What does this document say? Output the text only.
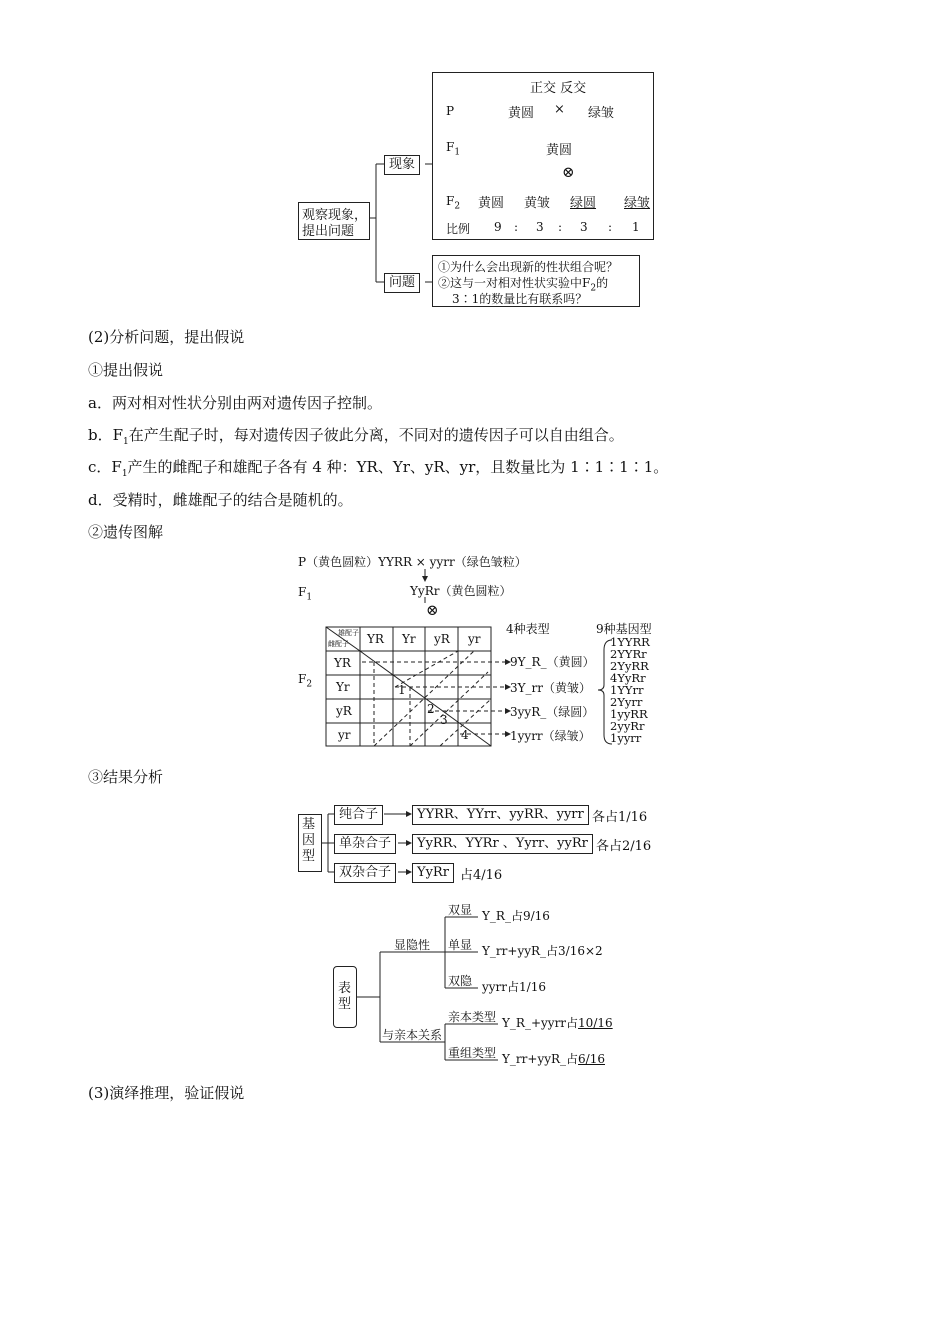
观察现象，
提出问题
现象
问题
正交 反交
P	黄圆 × 绿皱
$F_1$	黄圆
⊗
$F_2$ 黄圆 黄皱 绿圆 绿皱
比例 9 : 3 : 3 : 1
①为什么会出现新的性状组合呢？
②这与一对相对性状实验中$F_2$的
3∶1的数量比有联系吗？
(2)分析问题，提出假说
①提出假说
a．两对相对性状分别由两对遗传因子控制。
b．$F_1$在产生配子时，每对遗传因子彼此分离，不同对的遗传因子可以自由组合。
c．$F_1$产生的雌配子和雄配子各有 4 种：YR、Yr、yR、yr，且数量比为 1∶1∶1∶1。
d．受精时，雌雄配子的结合是随机的。
②遗传图解
P（黄色圆粒）YYRR × yyrr（绿色皱粒）
$F_1$	YyRr（黄色圆粒）
⊗
$F_2$
雄配子
雌配子 YR Yr yR yr
YR
Yr
yR
yr
1
2
3
4
4种表型	9种基因型
9Y_R_（黄圆）
3Y_rr（黄皱）
3yyR_（绿圆）
1yyrr（绿皱）
1YYRR
2YYRr
2YyRR
4YyRr
1YYrr
2Yyrr
1yyRR
2yyRr
1yyrr
③结果分析
基因型
纯合子	YYRR、YYrr、yyRR、yyrr 各占1/16
单杂合子	YyRR、YYRr 、Yyrr、yyRr 各占2/16
双杂合子	YyRr 占4/16
表型
显隐性
双显 Y_R_占9/16
单显 Y_rr+yyR_占3/16×2
双隐 yyrr占1/16
与亲本关系
亲本类型 Y_R_+yyrr占10/16
重组类型 Y_rr+yyR_占6/16
(3)演绎推理，验证假说
